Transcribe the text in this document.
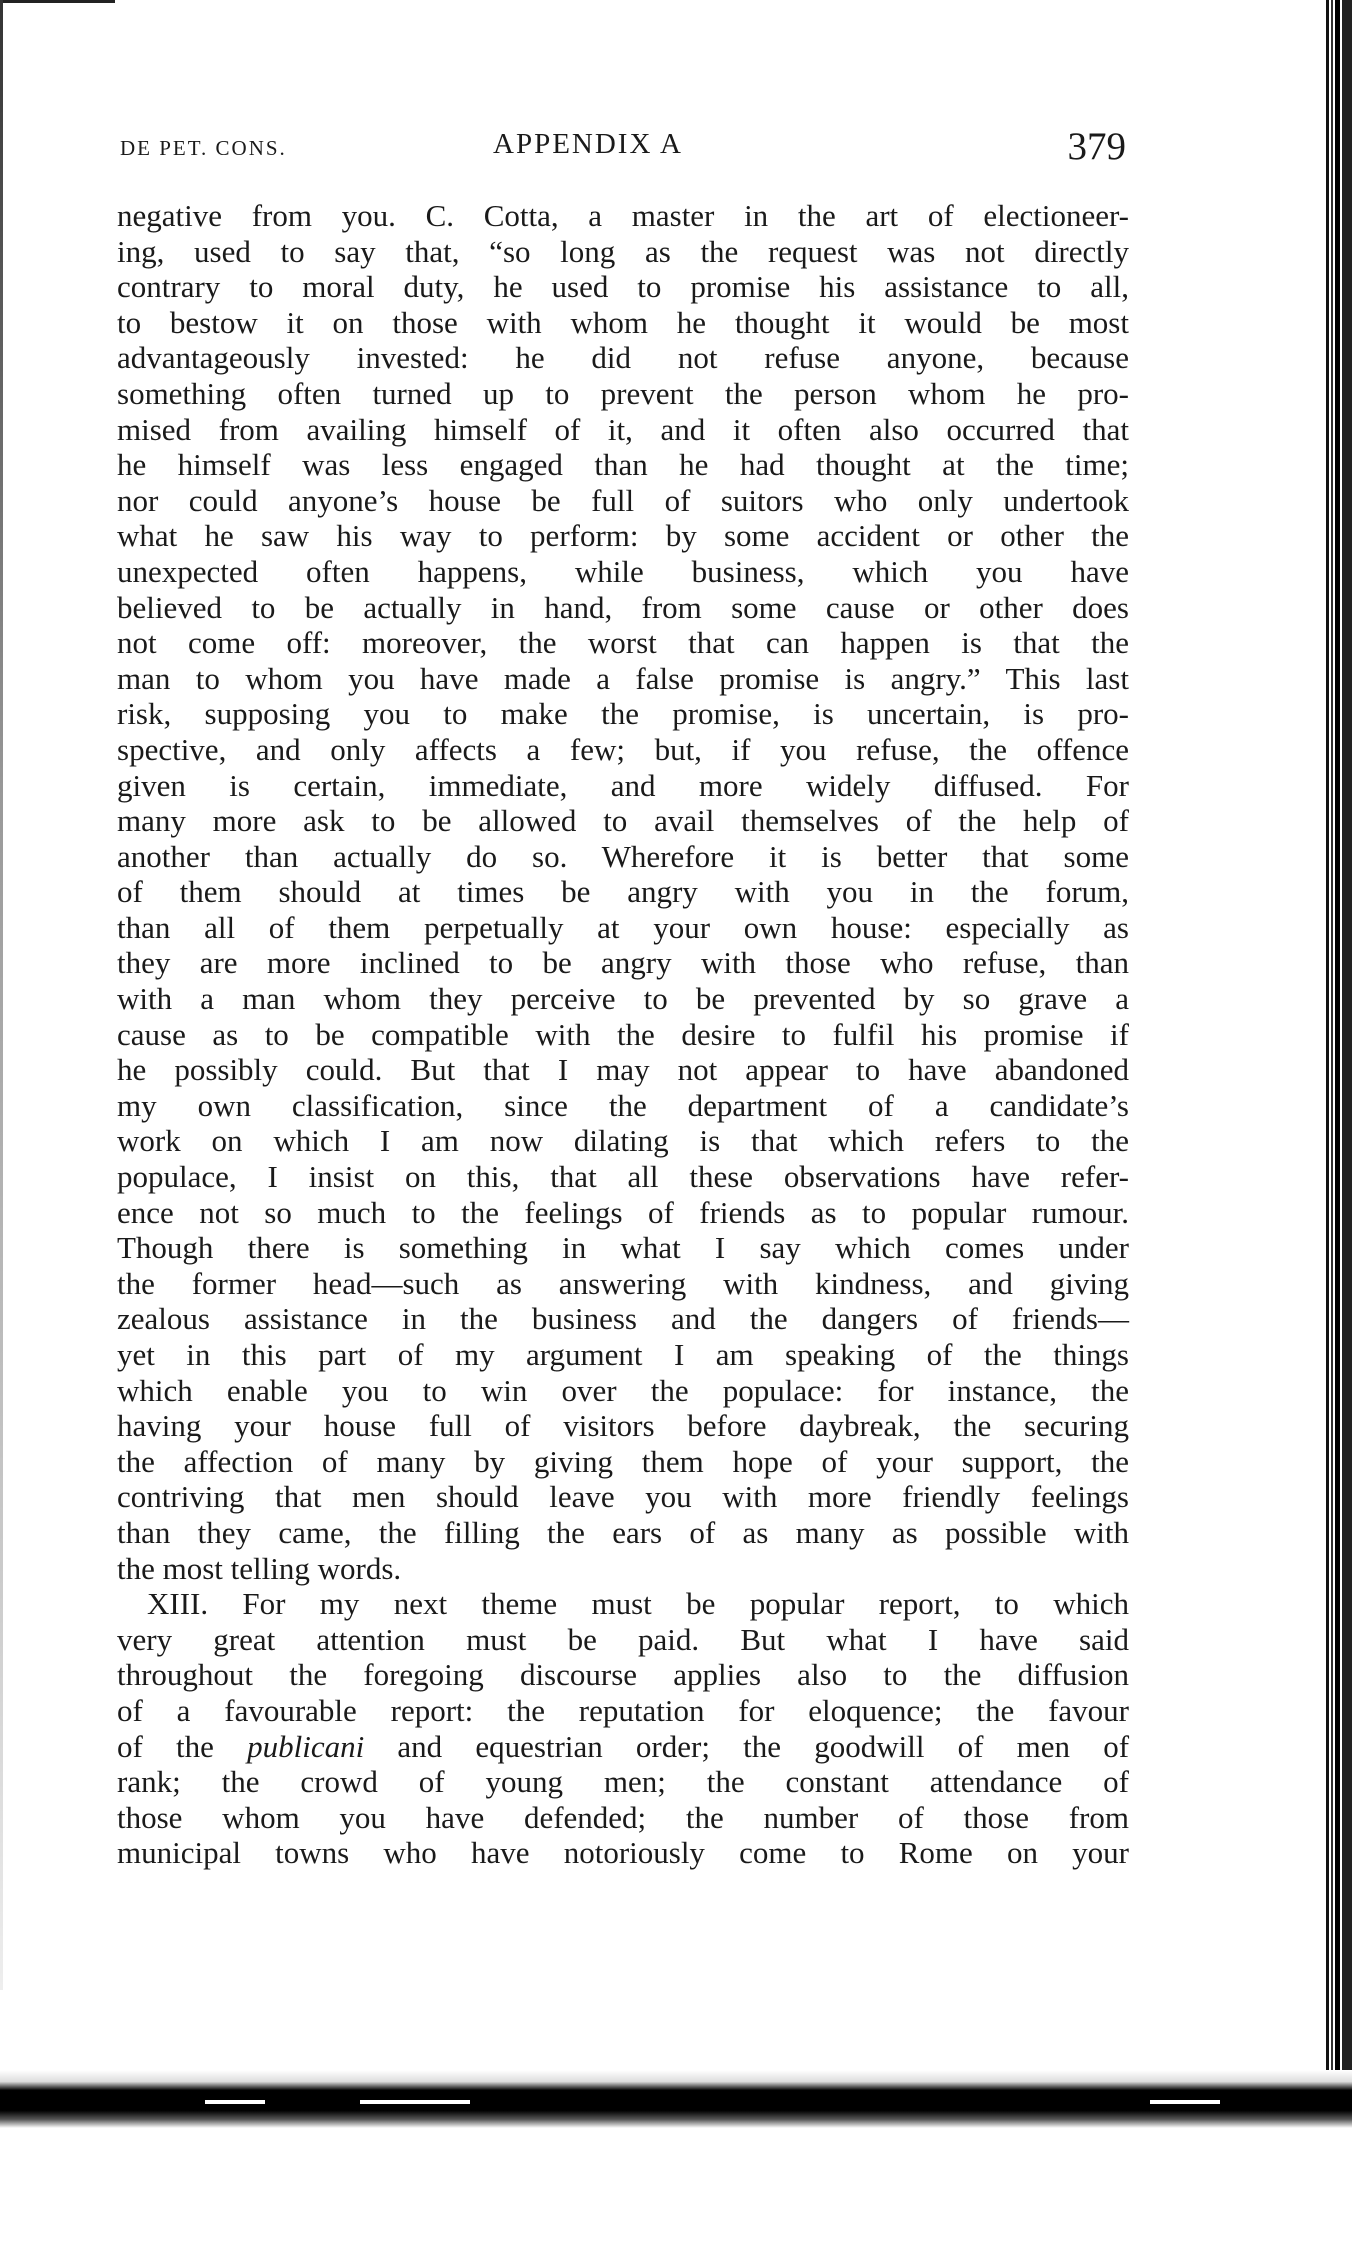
DE PET. CONS.	APPENDIX A	379
negative from you. C. Cotta, a master in the art of electioneer-
ing, used to say that, “so long as the request was not directly
contrary to moral duty, he used to promise his assistance to all,
to bestow it on those with whom he thought it would be most
advantageously invested: he did not refuse anyone, because
something often turned up to prevent the person whom he pro-
mised from availing himself of it, and it often also occurred that
he himself was less engaged than he had thought at the time;
nor could anyone’s house be full of suitors who only undertook
what he saw his way to perform: by some accident or other the
unexpected often happens, while business, which you have
believed to be actually in hand, from some cause or other does
not come off: moreover, the worst that can happen is that the
man to whom you have made a false promise is angry.” This last
risk, supposing you to make the promise, is uncertain, is pro-
spective, and only affects a few; but, if you refuse, the offence
given is certain, immediate, and more widely diffused. For
many more ask to be allowed to avail themselves of the help of
another than actually do so. Wherefore it is better that some
of them should at times be angry with you in the forum,
than all of them perpetually at your own house: especially as
they are more inclined to be angry with those who refuse, than
with a man whom they perceive to be prevented by so grave a
cause as to be compatible with the desire to fulfil his promise if
he possibly could. But that I may not appear to have abandoned
my own classification, since the department of a candidate’s
work on which I am now dilating is that which refers to the
populace, I insist on this, that all these observations have refer-
ence not so much to the feelings of friends as to popular rumour.
Though there is something in what I say which comes under
the former head—such as answering with kindness, and giving
zealous assistance in the business and the dangers of friends—
yet in this part of my argument I am speaking of the things
which enable you to win over the populace: for instance, the
having your house full of visitors before daybreak, the securing
the affection of many by giving them hope of your support, the
contriving that men should leave you with more friendly feelings
than they came, the filling the ears of as many as possible with
the most telling words.
XIII. For my next theme must be popular report, to which
very great attention must be paid. But what I have said
throughout the foregoing discourse applies also to the diffusion
of a favourable report: the reputation for eloquence; the favour
of the publicani and equestrian order; the goodwill of men of
rank; the crowd of young men; the constant attendance of
those whom you have defended; the number of those from
municipal towns who have notoriously come to Rome on your
